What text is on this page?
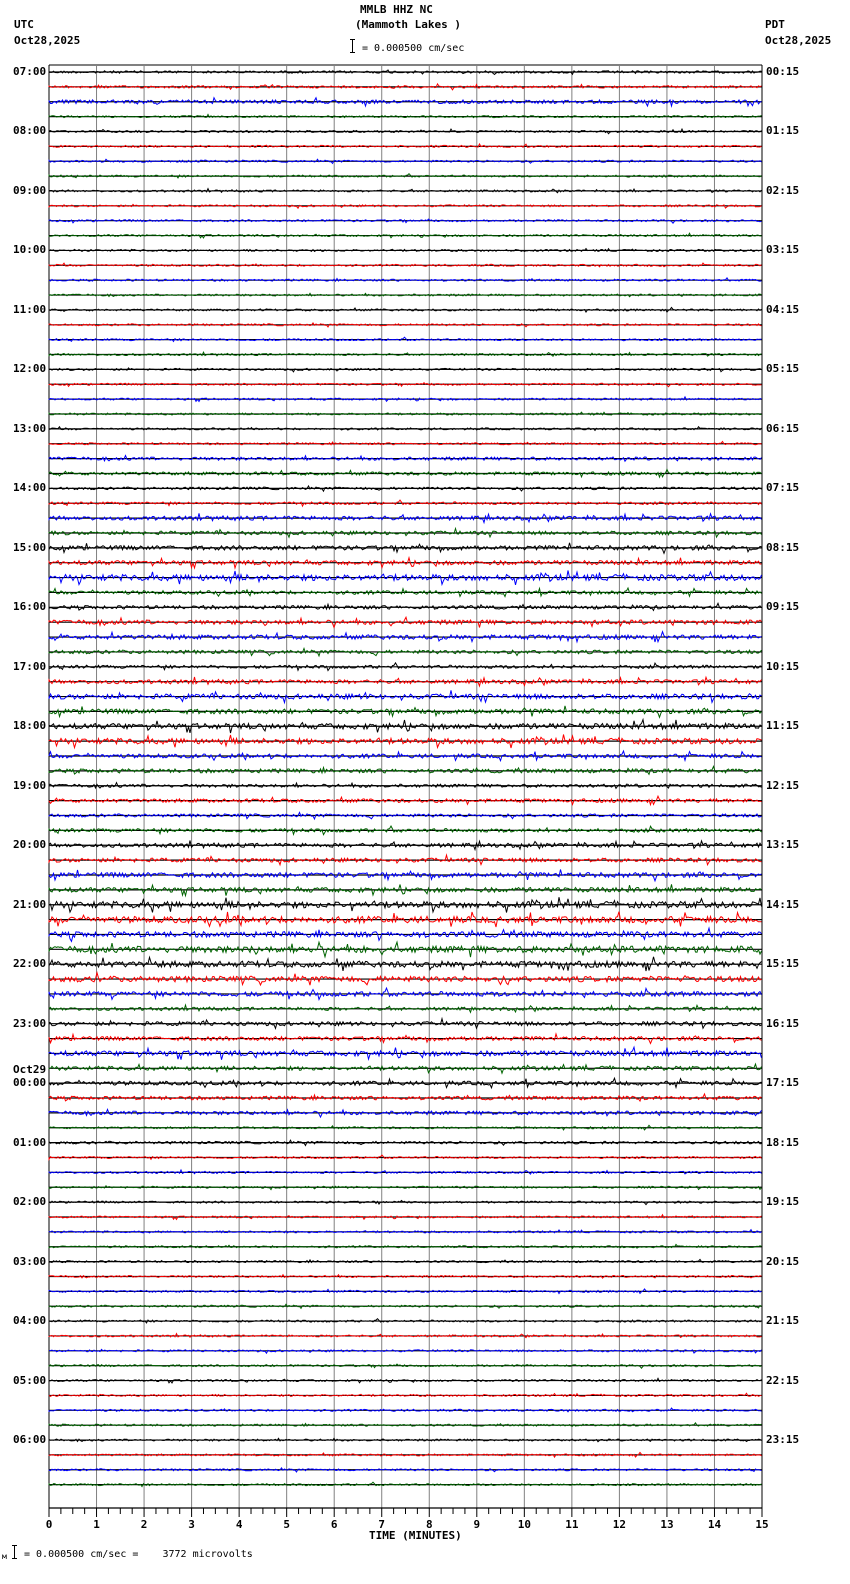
MMLB HHZ NC
(Mammoth Lakes )
UTC
Oct28,2025
PDT
Oct28,2025
= 0.000500 cm/sec
0	1	2	3	4	5	6	7	8	9	10	11	12	13	14	15
TIME (MINUTES)
07:00
08:00
09:00
10:00
11:00
12:00
13:00
14:00
15:00
16:00
17:00
18:00
19:00
20:00
21:00
22:00
23:00
00:00
Oct29
01:00
02:00
03:00
04:00
05:00
06:00
00:15
01:15
02:15
03:15
04:15
05:15
06:15
07:15
08:15
09:15
10:15
11:15
12:15
13:15
14:15
15:15
16:15
17:15
18:15
19:15
20:15
21:15
22:15
23:15
м = 0.000500 cm/sec =    3772 microvolts
